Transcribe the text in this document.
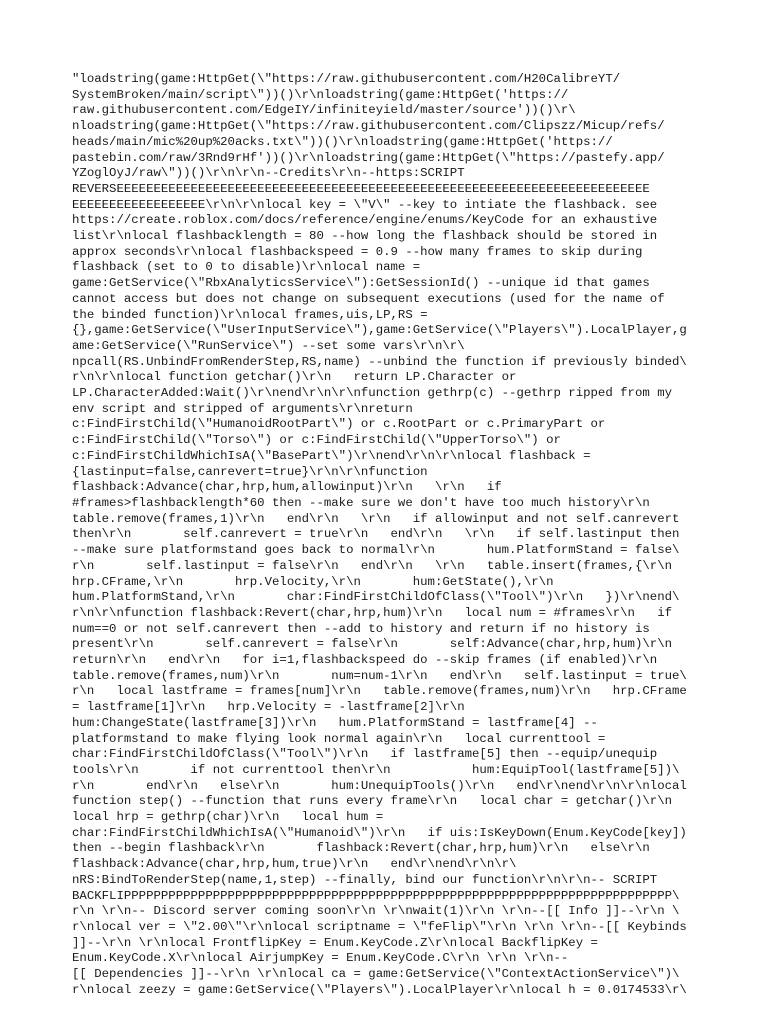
"loadstring(game:HttpGet(\"https://raw.githubusercontent.com/H20CalibreYT/
SystemBroken/main/script\"))()\r\nloadstring(game:HttpGet('https://
raw.githubusercontent.com/EdgeIY/infiniteyield/master/source'))()\r\
nloadstring(game:HttpGet(\"https://raw.githubusercontent.com/Clipszz/Micup/refs/
heads/main/mic%20up%20acks.txt\"))()\r\nloadstring(game:HttpGet('https://
pastebin.com/raw/3Rnd9rHf'))()\r\nloadstring(game:HttpGet(\"https://pastefy.app/
YZoglOyJ/raw\"))()\r\n\r\n--Credits\r\n--https:SCRIPT
REVERSEEEEEEEEEEEEEEEEEEEEEEEEEEEEEEEEEEEEEEEEEEEEEEEEEEEEEEEEEEEEEEEEEEEEEEEE
EEEEEEEEEEEEEEEEEE\r\n\r\nlocal key = \"V\" --key to intiate the flashback. see
https://create.roblox.com/docs/reference/engine/enums/KeyCode for an exhaustive
list\r\nlocal flashbacklength = 80 --how long the flashback should be stored in
approx seconds\r\nlocal flashbackspeed = 0.9 --how many frames to skip during
flashback (set to 0 to disable)\r\nlocal name =
game:GetService(\"RbxAnalyticsService\"):GetSessionId() --unique id that games
cannot access but does not change on subsequent executions (used for the name of
the binded function)\r\nlocal frames,uis,LP,RS =
{},game:GetService(\"UserInputService\"),game:GetService(\"Players\").LocalPlayer,g
ame:GetService(\"RunService\") --set some vars\r\n\r\
npcall(RS.UnbindFromRenderStep,RS,name) --unbind the function if previously binded\
r\n\r\nlocal function getchar()\r\n   return LP.Character or
LP.CharacterAdded:Wait()\r\nend\r\n\r\nfunction gethrp(c) --gethrp ripped from my
env script and stripped of arguments\r\nreturn
c:FindFirstChild(\"HumanoidRootPart\") or c.RootPart or c.PrimaryPart or
c:FindFirstChild(\"Torso\") or c:FindFirstChild(\"UpperTorso\") or
c:FindFirstChildWhichIsA(\"BasePart\")\r\nend\r\n\r\nlocal flashback =
{lastinput=false,canrevert=true}\r\n\r\nfunction
flashback:Advance(char,hrp,hum,allowinput)\r\n   \r\n   if
#frames>flashbacklength*60 then --make sure we don't have too much history\r\n
table.remove(frames,1)\r\n   end\r\n   \r\n   if allowinput and not self.canrevert
then\r\n       self.canrevert = true\r\n   end\r\n   \r\n   if self.lastinput then
--make sure platformstand goes back to normal\r\n       hum.PlatformStand = false\
r\n       self.lastinput = false\r\n   end\r\n   \r\n   table.insert(frames,{\r\n
hrp.CFrame,\r\n       hrp.Velocity,\r\n       hum:GetState(),\r\n
hum.PlatformStand,\r\n       char:FindFirstChildOfClass(\"Tool\")\r\n   })\r\nend\
r\n\r\nfunction flashback:Revert(char,hrp,hum)\r\n   local num = #frames\r\n   if
num==0 or not self.canrevert then --add to history and return if no history is
present\r\n       self.canrevert = false\r\n       self:Advance(char,hrp,hum)\r\n
return\r\n   end\r\n   for i=1,flashbackspeed do --skip frames (if enabled)\r\n
table.remove(frames,num)\r\n       num=num-1\r\n   end\r\n   self.lastinput = true\
r\n   local lastframe = frames[num]\r\n   table.remove(frames,num)\r\n   hrp.CFrame
= lastframe[1]\r\n   hrp.Velocity = -lastframe[2]\r\n
hum:ChangeState(lastframe[3])\r\n   hum.PlatformStand = lastframe[4] --
platformstand to make flying look normal again\r\n   local currenttool =
char:FindFirstChildOfClass(\"Tool\")\r\n   if lastframe[5] then --equip/unequip
tools\r\n       if not currenttool then\r\n           hum:EquipTool(lastframe[5])\
r\n       end\r\n   else\r\n       hum:UnequipTools()\r\n   end\r\nend\r\n\r\nlocal
function step() --function that runs every frame\r\n   local char = getchar()\r\n
local hrp = gethrp(char)\r\n   local hum =
char:FindFirstChildWhichIsA(\"Humanoid\")\r\n   if uis:IsKeyDown(Enum.KeyCode[key])
then --begin flashback\r\n       flashback:Revert(char,hrp,hum)\r\n   else\r\n
flashback:Advance(char,hrp,hum,true)\r\n   end\r\nend\r\n\r\
nRS:BindToRenderStep(name,1,step) --finally, bind our function\r\n\r\n-- SCRIPT
BACKFLIPPPPPPPPPPPPPPPPPPPPPPPPPPPPPPPPPPPPPPPPPPPPPPPPPPPPPPPPPPPPPPPPPPPPPPPPPP\
r\n \r\n-- Discord server coming soon\r\n \r\nwait(1)\r\n \r\n--[[ Info ]]--\r\n \
r\nlocal ver = \"2.00\"\r\nlocal scriptname = \"feFlip\"\r\n \r\n \r\n--[[ Keybinds
]]--\r\n \r\nlocal FrontflipKey = Enum.KeyCode.Z\r\nlocal BackflipKey =
Enum.KeyCode.X\r\nlocal AirjumpKey = Enum.KeyCode.C\r\n \r\n \r\n--
[[ Dependencies ]]--\r\n \r\nlocal ca = game:GetService(\"ContextActionService\")\
r\nlocal zeezy = game:GetService(\"Players\").LocalPlayer\r\nlocal h = 0.0174533\r\
